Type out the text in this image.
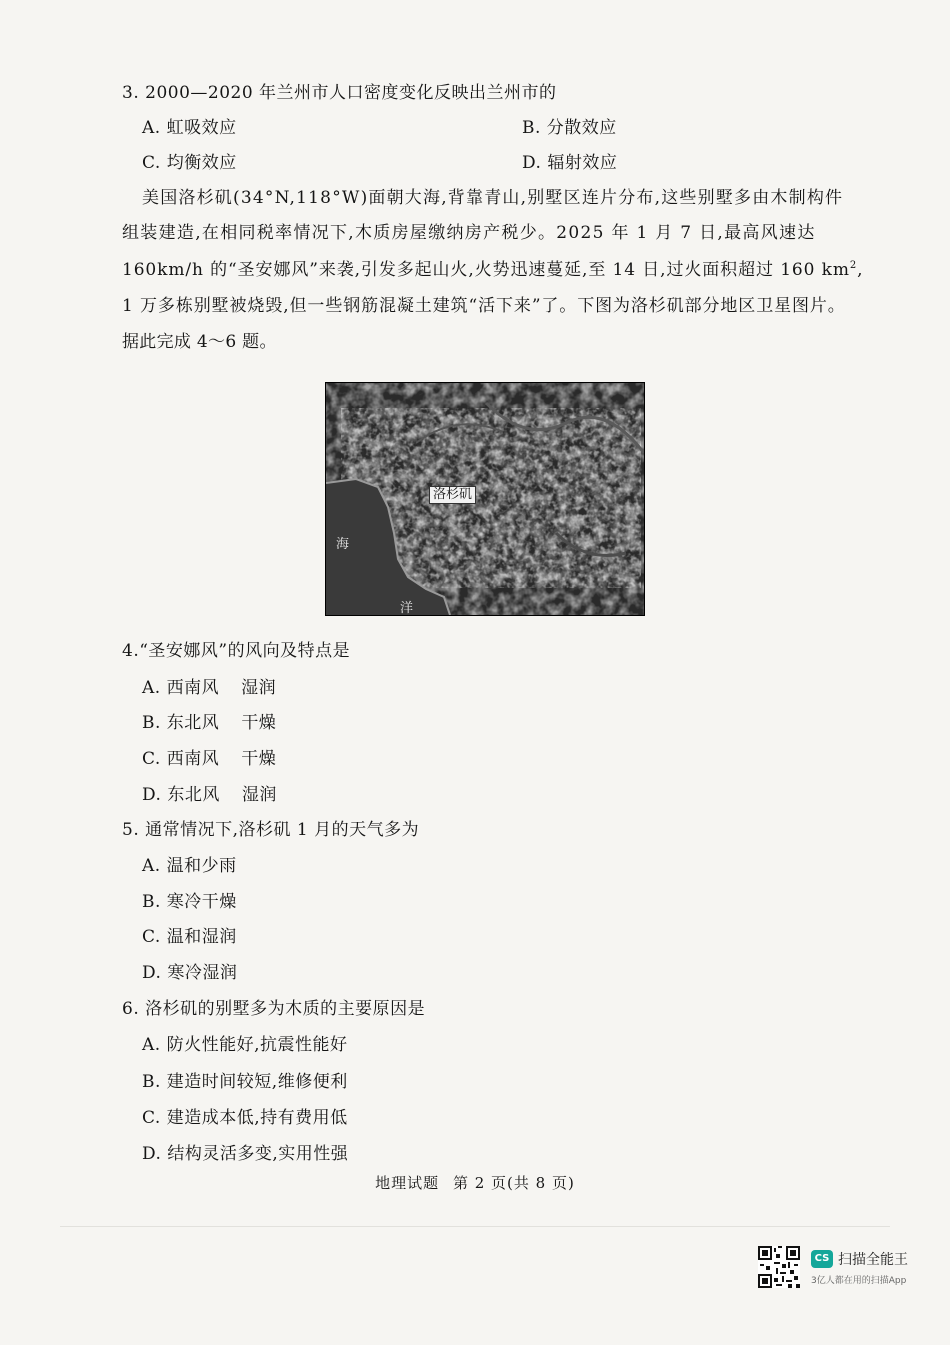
3. 2000—2020 年兰州市人口密度变化反映出兰州市的
A. 虹吸效应	B. 分散效应
C. 均衡效应	D. 辐射效应
美国洛杉矶(34°N,118°W)面朝大海,背靠青山,别墅区连片分布,这些别墅多由木制构件
组装建造,在相同税率情况下,木质房屋缴纳房产税少。2025 年 1 月 7 日,最高风速达
160km/h 的“圣安娜风”来袭,引发多起山火,火势迅速蔓延,至 14 日,过火面积超过 160 $km^2$,
1 万多栋别墅被烧毁,但一些钢筋混凝土建筑“活下来”了。下图为洛杉矶部分地区卫星图片。
据此完成 4～6 题。
洛杉矶
海
洋
4.“圣安娜风”的风向及特点是
A. 西南风 湿润
B. 东北风 干燥
C. 西南风 干燥
D. 东北风 湿润
5. 通常情况下,洛杉矶 1 月的天气多为
A. 温和少雨
B. 寒冷干燥
C. 温和湿润
D. 寒冷湿润
6. 洛杉矶的别墅多为木质的主要原因是
A. 防火性能好,抗震性能好
B. 建造时间较短,维修便利
C. 建造成本低,持有费用低
D. 结构灵活多变,实用性强
地理试题 第 2 页(共 8 页)
CS 扫描全能王
3亿人都在用的扫描App
